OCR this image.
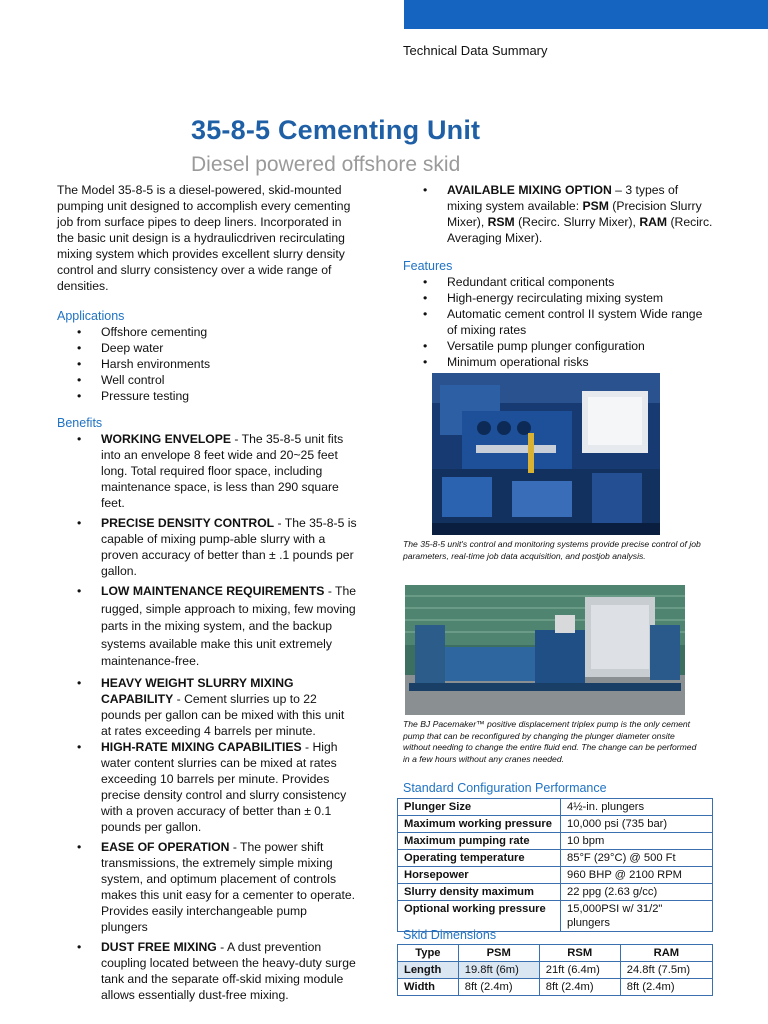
Technical Data Summary
35-8-5 Cementing Unit
Diesel powered offshore skid

The Model 35-8-5 is a diesel-powered, skid-mounted pumping unit designed to accomplish every cementing job from surface pipes to deep liners. Incorporated in the basic unit design is a hydraulicdriven recirculating mixing system which provides excellent slurry density control and slurry consistency over a wide range of densities.

Applications
• Offshore cementing
• Deep water
• Harsh environments
• Well control
• Pressure testing
Benefits
• WORKING ENVELOPE - The 35-8-5 unit fits into an envelope 8 feet wide and 20~25 feet long. Total required floor space, including maintenance space, is less than 290 square feet.
• PRECISE DENSITY CONTROL - The 35-8-5 is capable of mixing pump-able slurry with a proven accuracy of better than ± .1 pounds per gallon.
• LOW MAINTENANCE REQUIREMENTS - The rugged, simple approach to mixing, few moving parts in the mixing system, and the backup systems available make this unit extremely maintenance-free.
• HEAVY WEIGHT SLURRY MIXING CAPABILITY - Cement slurries up to 22 pounds per gallon can be mixed with this unit at rates exceeding 4 barrels per minute.
• HIGH-RATE MIXING CAPABILITIES - High water content slurries can be mixed at rates exceeding 10 barrels per minute. Provides precise density control and slurry consistency with a proven accuracy of better than ± 0.1 pounds per gallon.
• EASE OF OPERATION - The power shift transmissions, the extremely simple mixing system, and optimum placement of controls makes this unit easy for a cementer to operate. Provides easily interchangeable pump plungers
• DUST FREE MIXING - A dust prevention coupling located between the heavy-duty surge tank and the separate off-skid mixing module allows essentially dust-free mixing.
• AVAILABLE MIXING OPTION – 3 types of mixing system available: PSM (Precision Slurry Mixer), RSM (Recirc. Slurry Mixer), RAM (Recirc. Averaging Mixer).
Features
• Redundant critical components
• High-energy recirculating mixing system
• Automatic cement control II system Wide range of mixing rates
• Versatile pump plunger configuration
• Minimum operational risks
The 35-8-5 unit's control and monitoring systems provide precise control of job parameters, real-time job data acquisition, and postjob analysis.
The BJ Pacemaker™ positive displacement triplex pump is the only cement pump that can be reconfigured by changing the plunger diameter onsite without needing to change the entire fluid end. The change can be performed in a few hours without any cranes needed.
Standard Configuration Performance
Plunger Size	4½-in. plungers
Maximum working pressure	10,000 psi (735 bar)
Maximum pumping rate	10 bpm
Operating temperature	85°F (29°C) @ 500 Ft
Horsepower	960 BHP @ 2100 RPM
Slurry density maximum	22 ppg (2.63 g/cc)
Optional working pressure	15,000PSI w/ 31/2" plungers
Skid Dimensions
Type	PSM	RSM	RAM
Length	19.8ft (6m)	21ft (6.4m)	24.8ft (7.5m)
Width	8ft (2.4m)	8ft (2.4m)	8ft (2.4m)
